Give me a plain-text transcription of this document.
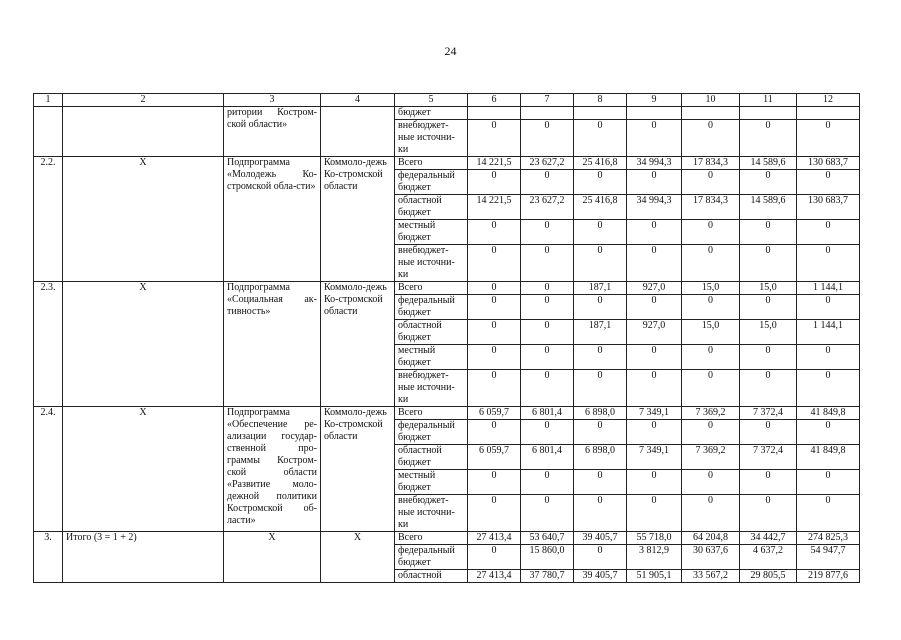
24
1	2	3	4	5	6	7	8	9	10	11	12
		ритории Костром-ской области»		бюджет							
				внебюджет-ные источни-ки	0	0	0	0	0	0	0
2.2.	Х	Подпрограмма «Молодежь Ко-стромской обла-сти»	Коммоло-дежь Ко-стромской области	Всего	14 221,5	23 627,2	25 416,8	34 994,3	17 834,3	14 589,6	130 683,7
				федеральный бюджет	0	0	0	0	0	0	0
				областной бюджет	14 221,5	23 627,2	25 416,8	34 994,3	17 834,3	14 589,6	130 683,7
				местный бюджет	0	0	0	0	0	0	0
				внебюджет-ные источни-ки	0	0	0	0	0	0	0
2.3.	Х	Подпрограмма «Социальная ак-тивность»	Коммоло-дежь Ко-стромской области	Всего	0	0	187,1	927,0	15,0	15,0	1 144,1
				федеральный бюджет	0	0	0	0	0	0	0
				областной бюджет	0	0	187,1	927,0	15,0	15,0	1 144,1
				местный бюджет	0	0	0	0	0	0	0
				внебюджет-ные источни-ки	0	0	0	0	0	0	0
2.4.	Х	Подпрограмма «Обеспечение ре-ализации государ-ственной про-граммы Костром-ской области «Развитие моло-дежной политики Костромской об-ласти»	Коммоло-дежь Ко-стромской области	Всего	6 059,7	6 801,4	6 898,0	7 349,1	7 369,2	7 372,4	41 849,8
				федеральный бюджет	0	0	0	0	0	0	0
				областной бюджет	6 059,7	6 801,4	6 898,0	7 349,1	7 369,2	7 372,4	41 849,8
				местный бюджет	0	0	0	0	0	0	0
				внебюджет-ные источни-ки	0	0	0	0	0	0	0
3.	Итого (3 = 1 + 2)	Х	Х	Всего	27 413,4	53 640,7	39 405,7	55 718,0	64 204,8	34 442,7	274 825,3
				федеральный бюджет	0	15 860,0	0	3 812,9	30 637,6	4 637,2	54 947,7
				областной	27 413,4	37 780,7	39 405,7	51 905,1	33 567,2	29 805,5	219 877,6
